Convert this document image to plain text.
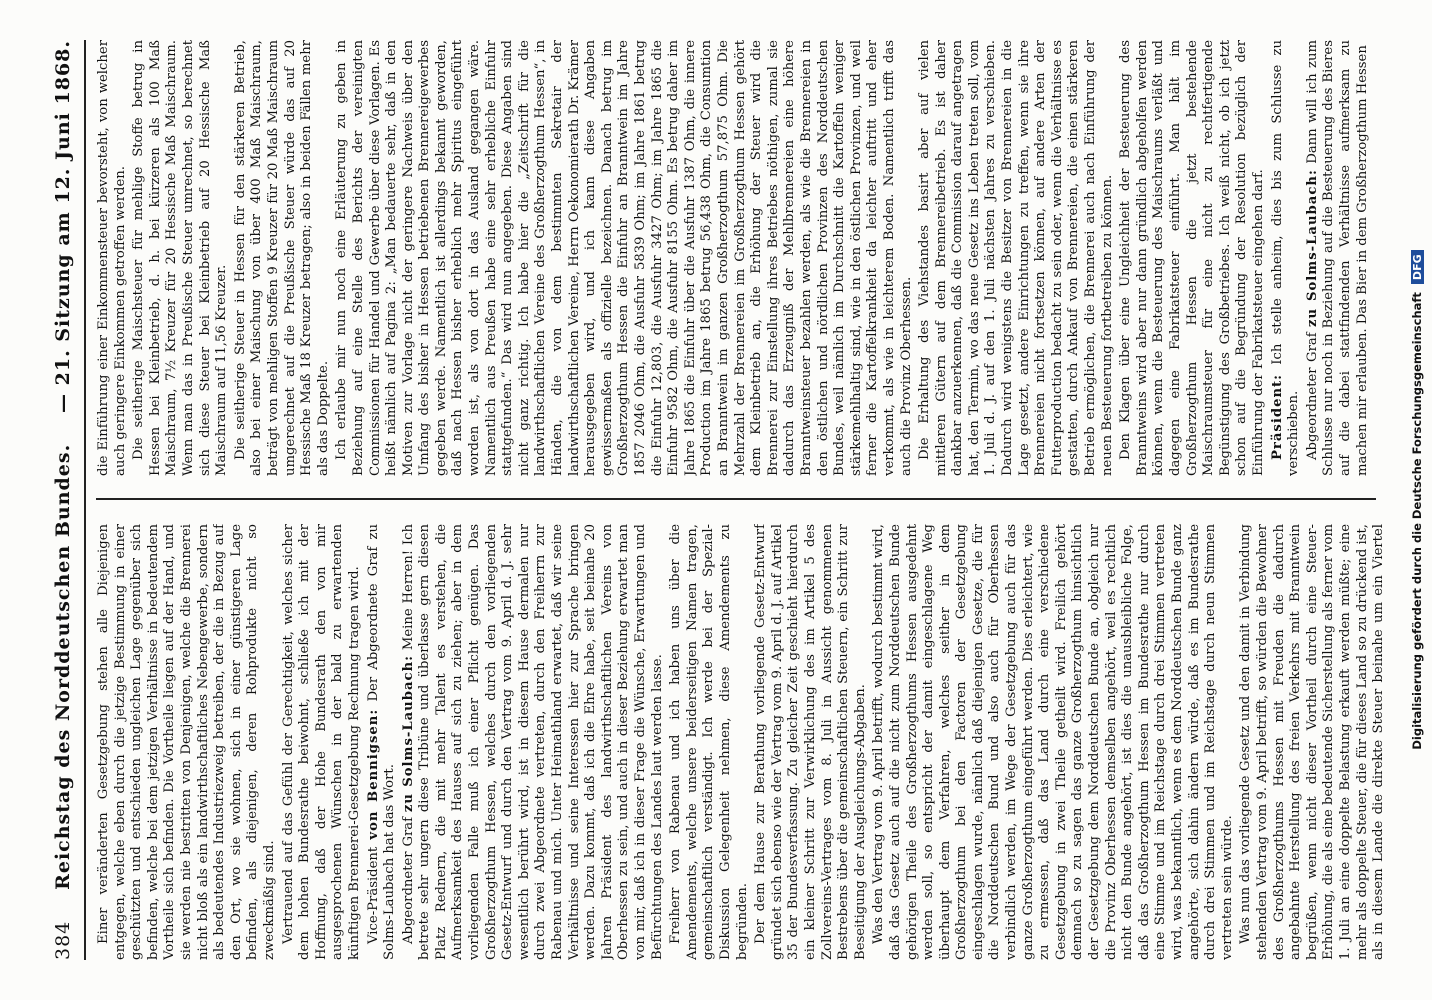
384
Reichstag des Norddeutschen Bundes.
— 21. Sitzung am 12. Juni 1868.

Einer veränderten Gesetzgebung stehen alle Diejenigen entgegen, welche eben durch die jetzige Bestimmung in einer geschützten und entschieden ungleichen Lage gegenüber sich befinden, welche bei dem jetzigen Verhältnisse in bedeutendem Vortheile sich befinden. Die Vortheile liegen auf der Hand, und sie werden nie bestritten von Denjenigen, welche die Brennerei nicht bloß als ein landwirthschaftliches Nebengewerbe, sondern als bedeutendes Industriezweig betreiben, der die in Bezug auf den Ort, wo sie wohnen, sich in einer günstigeren Lage befinden, als diejenigen, deren Rohprodukte nicht so zweckmäßig sind. Vertrauend auf das Gefühl der Gerechtigkeit, welches sicher dem hohen Bundesrathe beiwohnt, schließe ich mit der Hoffnung, daß der Hohe Bundesrath den von mir ausgesprochenen Wünschen in der bald zu erwartenden künftigen Brennerei-Gesetzgebung Rechnung tragen wird. Vice-Präsident von Bennigsen: Der Abgeordnete Graf zu Solms-Laubach hat das Wort. Abgeordneter Graf zu Solms-Laubach: Meine Herren! Ich betrete sehr ungern diese Tribüne und überlasse gern diesen Platz Rednern, die mit mehr Talent es verstehen, die Aufmerksamkeit des Hauses auf sich zu ziehen; aber in dem vorliegenden Falle muß ich einer Pflicht genügen. Das Großherzogthum Hessen, welches durch den vorliegenden Gesetz-Entwurf und durch den Vertrag vom 9. April d. J. sehr wesentlich berührt wird, ist in diesem Hause dermalen nur durch zwei Abgeordnete vertreten, durch den Freiherrn zur Rabenau und mich. Unter Heimathland erwartet, daß wir seine Verhältnisse und seine Interessen hier zur Sprache bringen werden. Dazu kommt, daß ich die Ehre habe, seit beinahe 20 Jahren Präsident des landwirthschaftlichen Vereins von Oberhessen zu sein, und auch in dieser Beziehung erwartet man von mir, daß ich in dieser Frage die Wünsche, Erwartungen und Befürchtungen des Landes laut werden lasse. Freiherr von Rabenau und ich haben uns über die Amendements, welche unsere beiderseitigen Namen tragen, gemeinschaftlich verständigt. Ich werde bei der Spezial-Diskussion Gelegenheit nehmen, diese Amendements zu begründen. Der dem Hause zur Berathung vorliegende Gesetz-Entwurf gründet sich ebenso wie der Vertrag vom 9. April d. J. auf Artikel 35 der Bundesverfassung. Zu gleicher Zeit geschieht hierdurch ein kleiner Schritt zur Verwirklichung des im Artikel 5 des Zollvereins-Vertrages vom 8. Juli in Aussicht genommenen Bestrebens über die gemeinschaftlichen Steuern, ein Schritt zur Beseitigung der Ausgleichungs-Abgaben. Was den Vertrag vom 9. April betrifft, wodurch bestimmt wird, daß das Gesetz auch auf die nicht zum Norddeutschen Bunde gehörigen Theile des Großherzogthums Hessen ausgedehnt werden soll, so entspricht der damit eingeschlagene Weg überhaupt dem Verfahren, welches seither in dem Großherzogthum bei den Factoren der Gesetzgebung eingeschlagen wurde, nämlich daß diejenigen Gesetze, die für die Norddeutschen Bund und also auch für Oberhessen verbindlich werden, im Wege der Gesetzgebung auch für das ganze Großherzogthum eingeführt werden. Dies erleichtert, wie zu ermessen, daß das Land durch eine verschiedene Gesetzgebung in zwei Theile getheilt wird. Freilich gehört demnach so zu sagen das ganze Großherzogthum hinsichtlich der Gesetzgebung dem Norddeutschen Bunde an, obgleich nur die Provinz Oberhessen demselben angehört, weil es rechtlich nicht den Bunde angehört, ist dies die unausbleibliche Folge, daß das Großherzogthum Hessen im Bundesrathe nur durch eine Stimme und im Reichstage durch drei Stimmen vertreten wird, was bekanntlich, wenn es dem Norddeutschen Bunde ganz angehörte, sich dahin ändern würde, daß es im Bundesrathe durch drei Stimmen und im Reichstage durch neun Stimmen vertreten sein würde. Was nun das vorliegende Gesetz und den damit in Verbindung stehenden Vertrag vom 9. April betrifft, so würden die Bewohner des Großherzogthums Hessen mit Freuden die dadurch angebahnte Herstellung des freien Verkehrs mit Branntwein begrüßen, wenn nicht dieser Vortheil durch eine Steuer-Erhöhung, die als eine bedeutende Sicherstellung als ferner vom 1. Juli an eine doppelte Belastung erkauft werden müßte; eine mehr als doppelte Steuer, die für dieses Land so zu drückend ist, als in diesem Lande die direkte Steuer beinahe um ein Viertel

die Einführung einer Einkommensteuer bevorsteht, von welcher auch geringere Einkommen getroffen werden. Die seitherige Maischsteuer für mehlige Stoffe betrug in Hessen bei Kleinbetrieb, d. h. bei kürzeren als 100 Maß Maischraum, 7½ Kreuzer für 20 Hessische Maß Maischraum. Wenn man das in Preußische Steuer umrechnet, so berechnet sich diese Steuer bei Kleinbetrieb auf 20 Hessische Maß Maischraum auf 11,56 Kreuzer. Die seitherige Steuer in Hessen für den stärkeren Betrieb, also bei einer Maischung von über 400 Maß Maischraum, beträgt von mehligen Stoffen 9 Kreuzer für 20 Maß Maischraum umgerechnet auf die Preußische Steuer würde das auf 20 Hessische Maß 18 Kreuzer betragen; also in beiden Fällen mehr als das Doppelte. Ich erlaube mir nun noch eine Erläuterung zu geben in Beziehung auf eine Stelle des Berichts der vereinigten Commissionen für Handel und Gewerbe über diese Vorlagen. Es heißt nämlich auf Pagina 2: „Man bedauerte sehr, daß in den Motiven zur Vorlage nicht der geringere Nachweis über den Umfang des bisher in Hessen betriebenen Brennereigewerbes gegeben werde. Namentlich ist allerdings bekannt geworden, daß nach Hessen bisher erheblich mehr Spiritus eingeführt worden ist, als von dort in das Ausland gegangen wäre. Namentlich aus Preußen habe eine sehr erhebliche Einfuhr stattgefunden.“ Das wird nun angegeben. Diese Angaben sind nicht ganz richtig. Ich habe hier die „Zeitschrift für die landwirthschaftlichen Vereine des Großherzogthum Hessen“, in Händen, die von dem bestimmten Sekretair der landwirthschaftlichen Vereine, Herrn Oekonomierath Dr. Krämer herausgegeben wird, und ich kann diese Angaben gewissermaßen als offizielle bezeichnen. Danach betrug im Großherzogthum Hessen die Einfuhr an Branntwein im Jahre 1857 2046 Ohm, die Ausfuhr 5839 Ohm; im Jahre 1861 betrug die Einfuhr 12,803, die Ausfuhr 3427 Ohm; im Jahre 1865 die Einfuhr 9582 Ohm, die Ausfuhr 8155 Ohm. Es betrug daher im Jahre 1865 die Einfuhr über die Ausfuhr 1387 Ohm, die innere Production im Jahre 1865 betrug 56,438 Ohm, die Consumtion an Branntwein im ganzen Großherzogthum 57,875 Ohm. Die Mehrzahl der Brennereien im Großherzogthum Hessen gehört dem Kleinbetrieb an, die Erhöhung der Steuer wird die Brennerei zur Einstellung ihres Betriebes nöthigen, zumal sie dadurch das Erzeugniß der Mehlbrennereien eine höhere Branntweinsteuer bezahlen werden, als wie die Brennereien in den östlichen und nördlichen Provinzen des Norddeutschen Bundes, weil nämlich im Durchschnitt die Kartoffeln weniger stärkemehlhaltig sind, wie in den östlichen Provinzen, und weil ferner die Kartoffelkrankheit da leichter auftritt und eher verkommt, als wie in leichterem Boden. Namentlich trifft das auch die Provinz Oberhessen. Die Erhaltung des Viehstandes basirt aber auf vielen mittleren Gütern auf dem Brennereibetrieb. Es ist daher dankbar anzuerkennen, daß die Commission darauf angetragen hat, den Termin, wo das neue Gesetz ins Leben treten soll, vom 1. Juli d. J. auf den 1. Juli nächsten Jahres zu verschieben. Dadurch wird wenigstens die Besitzer von Brennereien in die Lage gesetzt, andere Einrichtungen zu treffen, wenn sie ihre Brennereien nicht fortsetzen können, auf andere Arten der Futterproduction bedacht zu sein oder, wenn die Verhältnisse es gestatten, durch Ankauf von Brennereien, die einen stärkeren Betrieb ermöglichen, die Brennerei auch nach Einführung der neuen Besteuerung fortbetreiben zu können. Den Klagen über eine Ungleichheit der Besteuerung des Branntweins wird aber nur dann gründlich abgeholfen werden können, wenn die Besteuerung des Maischraums verläßt und dagegen eine Fabrikatsteuer einführt. Man hält im Großherzogthum Hessen die jetzt bestehende Maischraumsteuer für eine nicht zu rechtfertigende Begünstigung des Großbetriebes. Ich weiß nicht, ob ich jetzt schon auf die Begründung der Resolution bezüglich der Einführung der Fabrikatsteuer eingehen darf. Präsident: Ich stelle anheim, dies bis zum Schlusse zu verschieben. Abgeordneter Graf zu Solms-Laubach: Dann will ich zum Schlusse nur noch in Beziehung auf die Besteuerung des Bieres auf die dabei stattfindenden Verhältnisse aufmerksam zu machen mir erlauben. Das Bier in dem Großherzogthum Hessen

Digitalisierung gefördert durch die Deutsche Forschungsgemeinschaft DFG
